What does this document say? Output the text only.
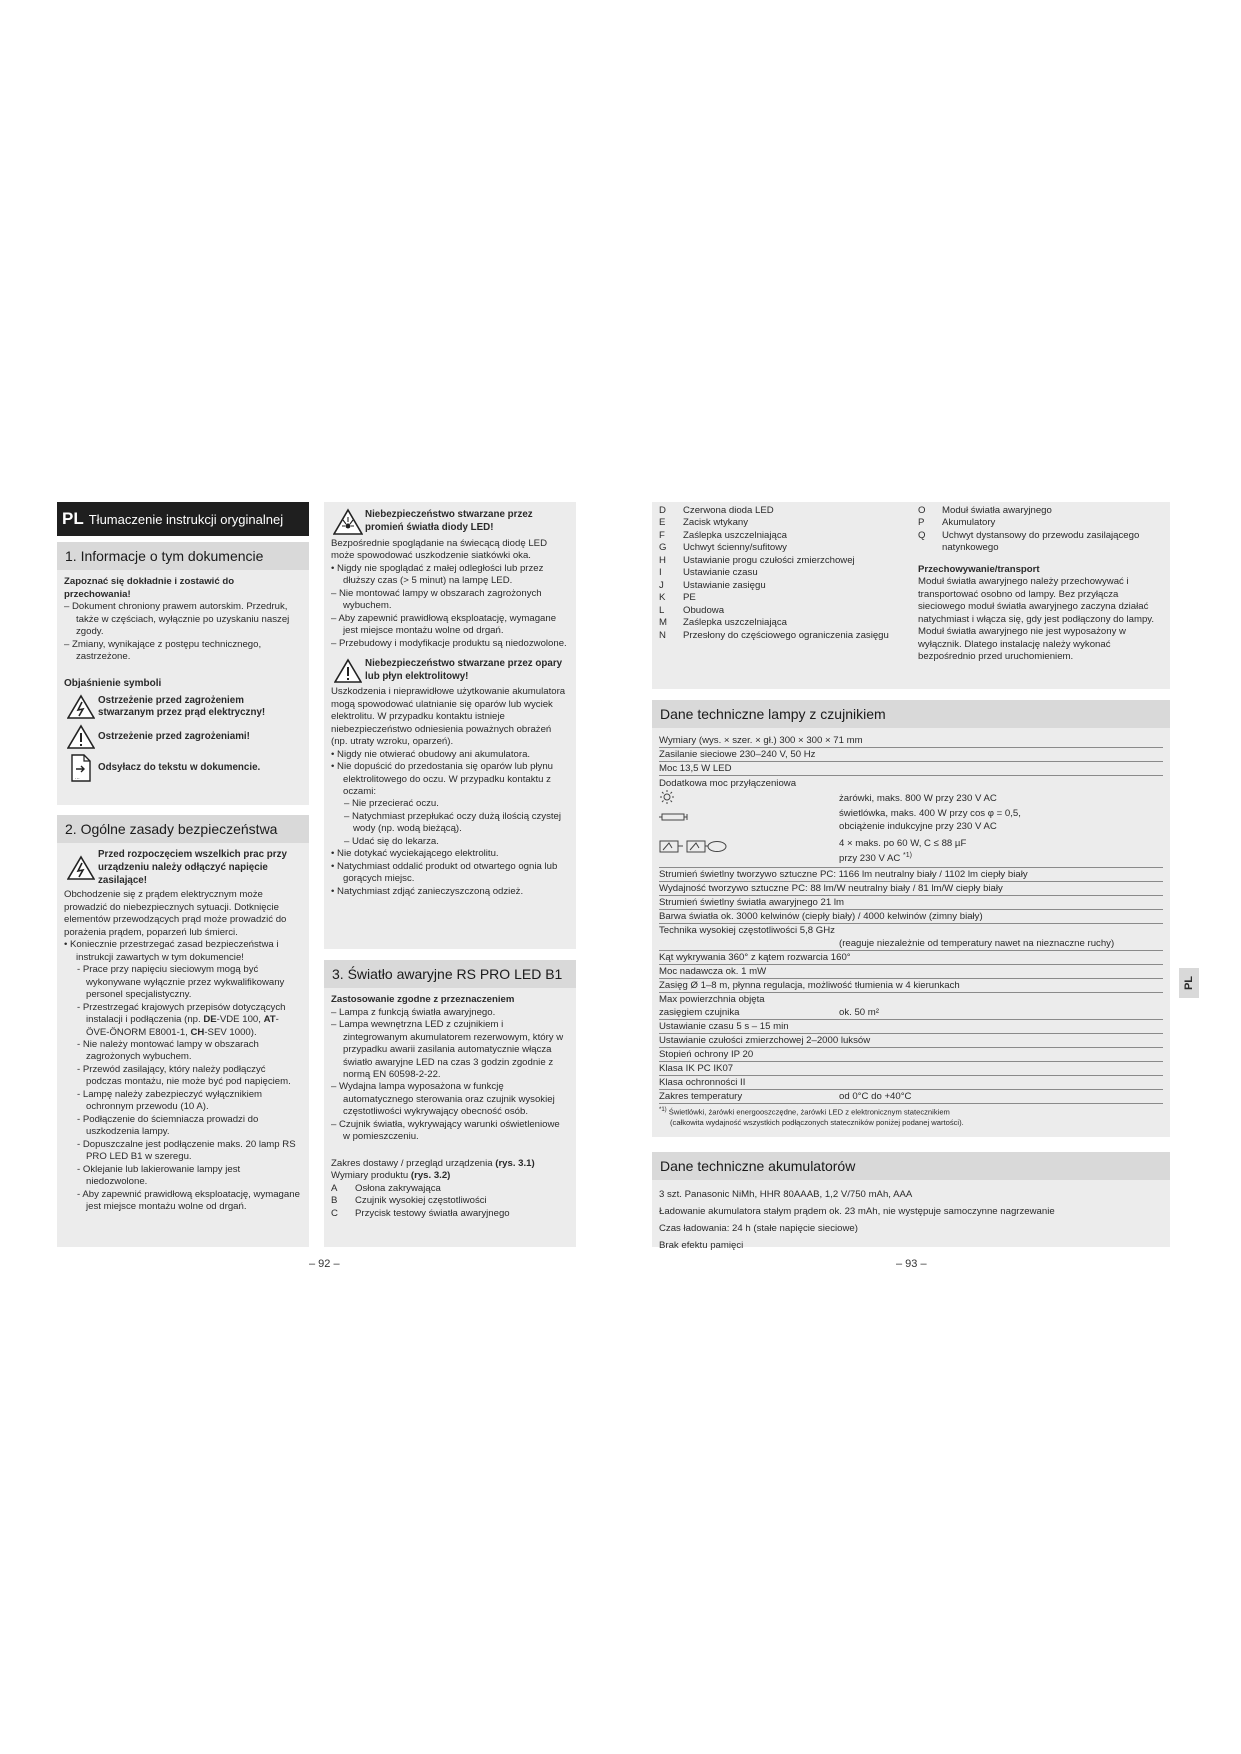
PL Tłumaczenie instrukcji oryginalnej
1. Informacje o tym dokumencie

Zapoznać się dokładnie i zostawić do przechowania!

– Dokument chroniony prawem autorskim. Przedruk, także w częściach, wyłącznie po uzyskaniu naszej zgody.

– Zmiany, wynikające z postępu technicznego, zastrzeżone.

Objaśnienie symboli

Ostrzeżenie przed zagrożeniem stwarzanym przez prąd elektryczny!
Ostrzeżenie przed zagrożeniami!
...
Odsyłacz do tekstu w dokumencie.
2. Ogólne zasady bezpieczeństwa
Przed rozpoczęciem wszelkich prac przy urządzeniu należy odłączyć napięcie zasilające!

Obchodzenie się z prądem elektrycznym może prowadzić do niebezpiecznych sytuacji. Dotknięcie elementów przewodzących prąd może prowadzić do porażenia prądem, poparzeń lub śmierci.

• Koniecznie przestrzegać zasad bezpieczeństwa i instrukcji zawartych w tym dokumencie!

- Prace przy napięciu sieciowym mogą być wykonywane wyłącznie przez wykwalifikowany personel specjalistyczny.

- Przestrzegać krajowych przepisów dotyczących instalacji i podłączenia (np. DE-VDE 100, AT-ÖVE-ÖNORM E8001-1, CH-SEV 1000).

- Nie należy montować lampy w obszarach zagrożonych wybuchem.

- Przewód zasilający, który należy podłączyć podczas montażu, nie może być pod napięciem.

- Lampę należy zabezpieczyć wyłącznikiem ochronnym przewodu (10 A).

- Podłączenie do ściemniacza prowadzi do uszkodzenia lampy.

- Dopuszczalne jest podłączenie maks. 20 lamp RS PRO LED B1 w szeregu.

- Oklejanie lub lakierowanie lampy jest niedozwolone.

- Aby zapewnić prawidłową eksploatację, wymagane jest miejsce montażu wolne od drgań.

Niebezpieczeństwo stwarzane przez promień światła diody LED!

Bezpośrednie spoglądanie na świecącą diodę LED może spowodować uszkodzenie siatkówki oka.

• Nigdy nie spoglądać z małej odległości lub przez dłuższy czas (> 5 minut) na lampę LED.

– Nie montować lampy w obszarach zagrożonych wybuchem.

– Aby zapewnić prawidłową eksploatację, wymagane jest miejsce montażu wolne od drgań.

– Przebudowy i modyfikacje produktu są niedozwolone.

Niebezpieczeństwo stwarzane przez opary lub płyn elektrolitowy!

Uszkodzenia i nieprawidłowe użytkowanie akumulatora mogą spowodować ulatnianie się oparów lub wyciek elektrolitu. W przypadku kontaktu istnieje niebezpieczeństwo odniesienia poważnych obrażeń (np. utraty wzroku, oparzeń).

• Nigdy nie otwierać obudowy ani akumulatora.

• Nie dopuścić do przedostania się oparów lub płynu elektrolitowego do oczu. W przypadku kontaktu z oczami:

– Nie przecierać oczu.

– Natychmiast przepłukać oczy dużą ilością czystej wody (np. wodą bieżącą).

– Udać się do lekarza.

• Nie dotykać wyciekającego elektrolitu.

• Natychmiast oddalić produkt od otwartego ognia lub gorących miejsc.

• Natychmiast zdjąć zanieczyszczoną odzież.

3. Światło awaryjne RS PRO LED B1

Zastosowanie zgodne z przeznaczeniem

– Lampa z funkcją światła awaryjnego.

– Lampa wewnętrzna LED z czujnikiem i zintegrowanym akumulatorem rezerwowym, który w przypadku awarii zasilania automatycznie włącza światło awaryjne LED na czas 3 godzin zgodnie z normą EN 60598-2-22.

– Wydajna lampa wyposażona w funkcję automatycznego sterowania oraz czujnik wysokiej częstotliwości wykrywający obecność osób.

– Czujnik światła, wykrywający warunki oświetleniowe w pomieszczeniu.

Zakres dostawy / przegląd urządzenia (rys. 3.1)

Wymiary produktu (rys. 3.2)

A	Osłona zakrywająca
B	Czujnik wysokiej częstotliwości
C	Przycisk testowy światła awaryjnego
– 92 –
D	Czerwona dioda LED
E	Zacisk wtykany
F	Zaślepka uszczelniająca
G	Uchwyt ścienny/sufitowy
H	Ustawianie progu czułości zmierzchowej
I	Ustawianie czasu
J	Ustawianie zasięgu
K	PE
L	Obudowa
M	Zaślepka uszczelniająca
N	Przesłony do częściowego ograniczenia zasięgu
O	Moduł światła awaryjnego
P	Akumulatory
Q	Uchwyt dystansowy do przewodu zasilającego natynkowego

Przechowywanie/transport

Moduł światła awaryjnego należy przechowywać i transportować osobno od lampy. Bez przyłącza sieciowego moduł światła awaryjnego zaczyna działać natychmiast i włącza się, gdy jest podłączony do lampy. Moduł światła awaryjnego nie jest wyposażony w wyłącznik. Dlatego instalację należy wykonać bezpośrednio przed uruchomieniem.

Dane techniczne lampy z czujnikiem
Wymiary (wys. × szer. × gł.) 300 × 300 × 71 mm
Zasilanie sieciowe 230–240 V, 50 Hz
Moc 13,5 W LED
Dodatkowa moc przyłączeniowa
żarówki, maks. 800 W przy 230 V AC
świetlówka, maks. 400 W przy cos φ = 0,5,
obciążenie indukcyjne przy 230 V AC
4 × maks. po 60 W, C ≤ 88 µF
przy 230 V AC $^{*1)}$
Strumień świetlny tworzywo sztuczne PC: 1166 lm neutralny biały / 1102 lm ciepły biały
Wydajność tworzywo sztuczne PC: 88 lm/W neutralny biały / 81 lm/W ciepły biały
Strumień świetlny światła awaryjnego 21 lm
Barwa światła ok. 3000 kelwinów (ciepły biały) / 4000 kelwinów (zimny biały)
Technika wysokiej częstotliwości 5,8 GHz
(reaguje niezależnie od temperatury nawet na nieznaczne ruchy)
Kąt wykrywania 360° z kątem rozwarcia 160°
Moc nadawcza ok. 1 mW
Zasięg Ø 1–8 m, płynna regulacja, możliwość tłumienia w 4 kierunkach
Max powierzchnia objęta
zasięgiem czujnika	ok. 50 m²
Ustawianie czasu 5 s – 15 min
Ustawianie czułości zmierzchowej 2–2000 luksów
Stopień ochrony IP 20
Klasa IK PC IK07
Klasa ochronności II
Zakres temperatury	od 0°C do +40°C
$^{*1)}$ Świetlówki, żarówki energooszczędne, żarówki LED z elektronicznym statecznikiem
(całkowita wydajność wszystkich podłączonych stateczników poniżej podanej wartości).
PL
Dane techniczne akumulatorów

3 szt. Panasonic NiMh, HHR 80AAAB, 1,2 V/750 mAh, AAA

Ładowanie akumulatora stałym prądem ok. 23 mAh, nie występuje samoczynne nagrzewanie

Czas ładowania: 24 h (stałe napięcie sieciowe)

Brak efektu pamięci

– 93 –
